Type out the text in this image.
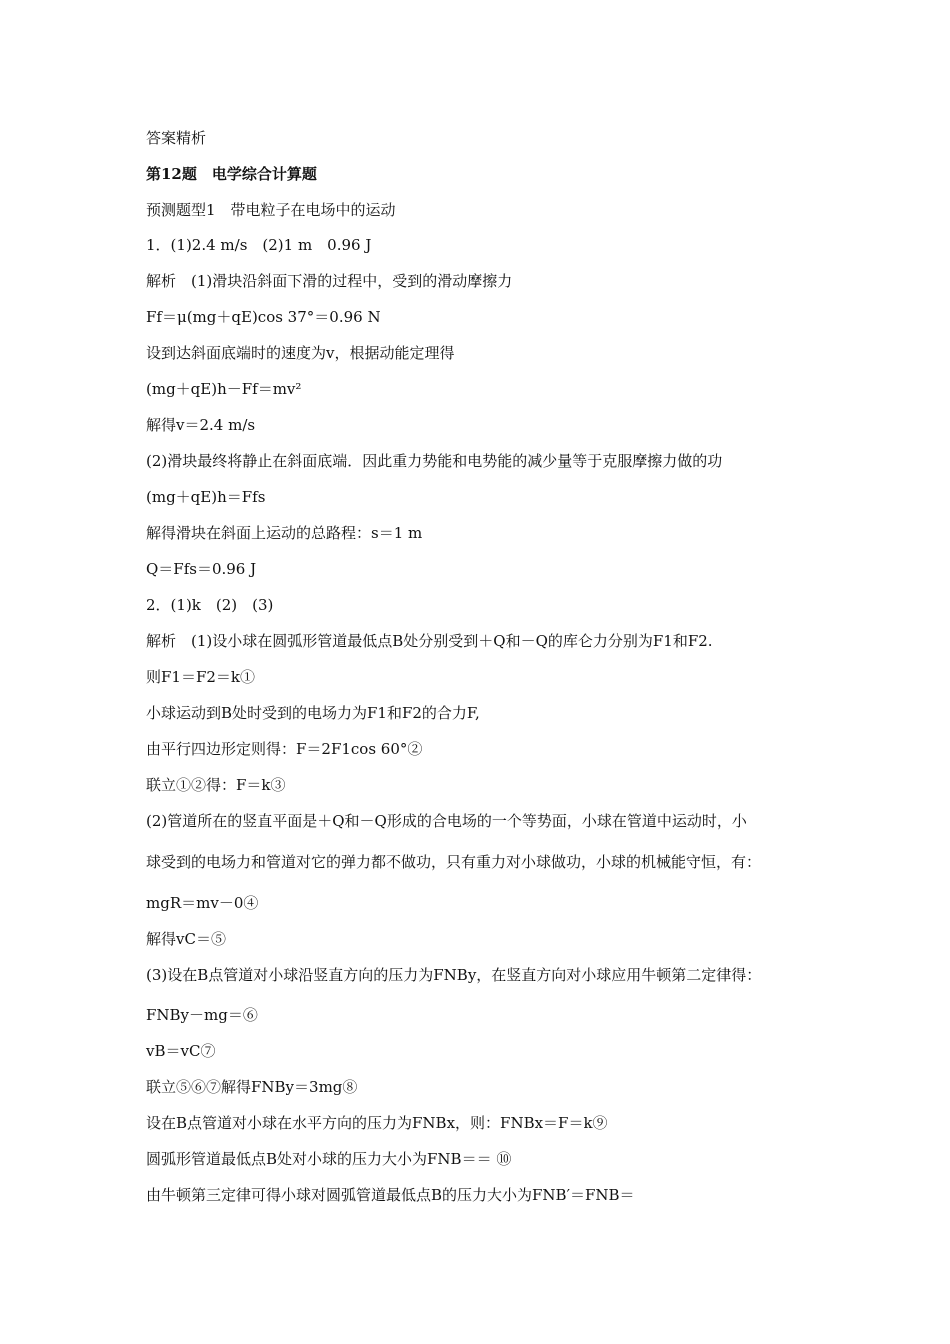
答案精析
第12题　电学综合计算题
预测题型1　带电粒子在电场中的运动
1．(1)2.4 m/s　(2)1 m　0.96 J
解析　(1)滑块沿斜面下滑的过程中，受到的滑动摩擦力
Ff＝μ(mg＋qE)cos 37°＝0.96 N
设到达斜面底端时的速度为v，根据动能定理得
(mg＋qE)h－Ff＝mv²
解得v＝2.4 m/s
(2)滑块最终将静止在斜面底端．因此重力势能和电势能的减少量等于克服摩擦力做的功
(mg＋qE)h＝Ffs
解得滑块在斜面上运动的总路程：s＝1 m
Q＝Ffs＝0.96 J
2．(1)k　(2)　(3)
解析　(1)设小球在圆弧形管道最低点B处分别受到＋Q和－Q的库仑力分别为F1和F2.
则F1＝F2＝k①
小球运动到B处时受到的电场力为F1和F2的合力F,
由平行四边形定则得：F＝2F1cos 60°②
联立①②得：F＝k③
(2)管道所在的竖直平面是＋Q和－Q形成的合电场的一个等势面，小球在管道中运动时，小
球受到的电场力和管道对它的弹力都不做功，只有重力对小球做功，小球的机械能守恒，有：
mgR＝mv－0④
解得vC＝⑤
(3)设在B点管道对小球沿竖直方向的压力为FNBy，在竖直方向对小球应用牛顿第二定律得：
FNBy－mg＝⑥
vB＝vC⑦
联立⑤⑥⑦解得FNBy＝3mg⑧
设在B点管道对小球在水平方向的压力为FNBx，则：FNBx＝F＝k⑨
圆弧形管道最低点B处对小球的压力大小为FNB＝＝ ⑩
由牛顿第三定律可得小球对圆弧管道最低点B的压力大小为FNB′＝FNB＝
